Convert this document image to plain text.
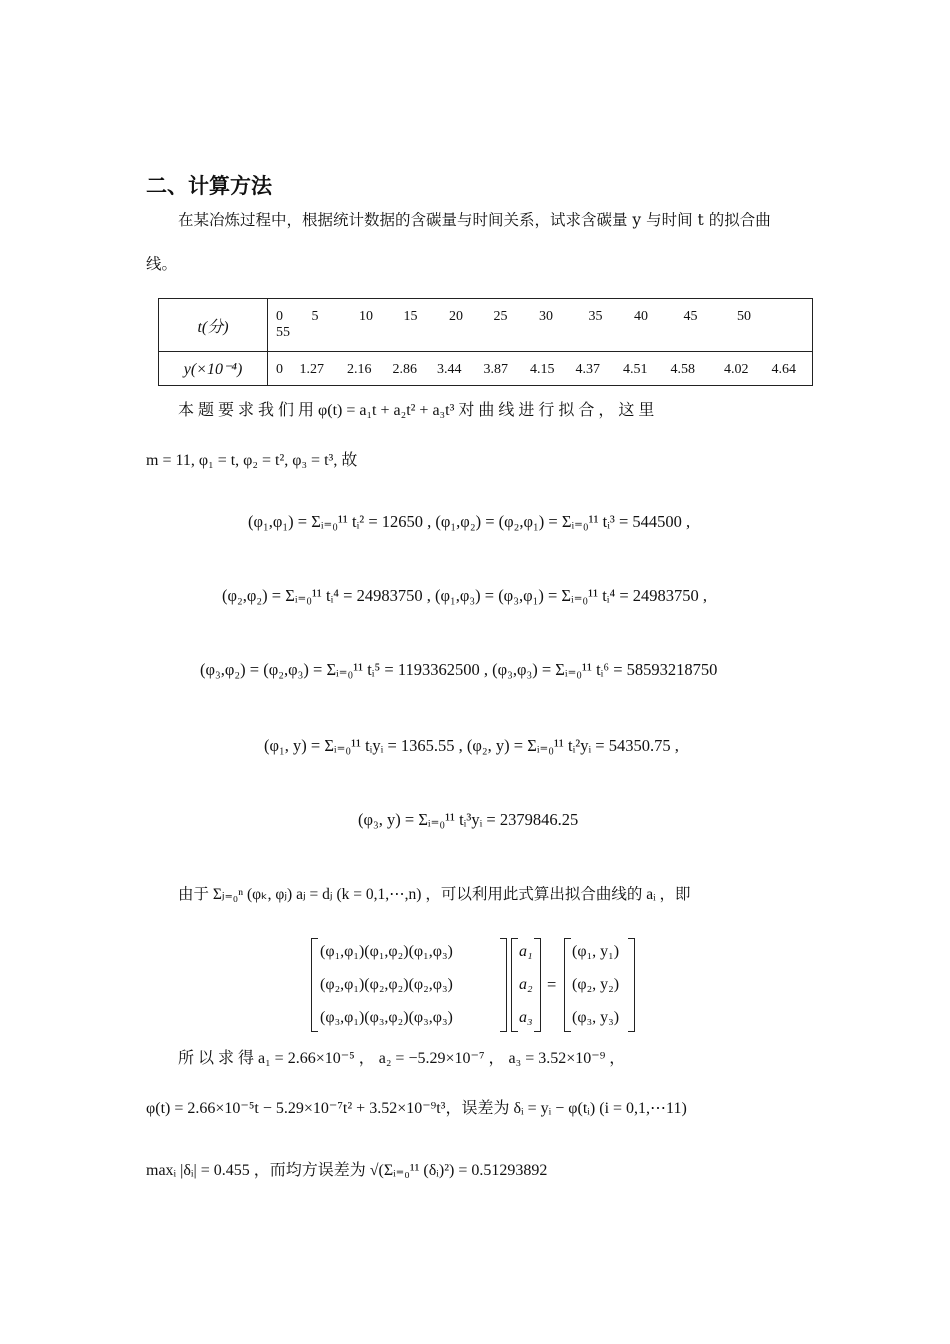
二、计算方法
在某冶炼过程中，根据统计数据的含碳量与时间关系，试求含碳量 y 与时间 t 的拟合曲
线。
t(分)	0 5 10 15 20 25 30 35 40 45 50 55
y(×10⁻⁴)	0 1.27 2.16 2.86 3.44 3.87 4.15 4.37 4.51 4.58 4.02 4.64
本 题 要 求 我 们 用 φ(t) = a₁t + a₂t² + a₃t³ 对 曲 线 进 行 拟 合 ， 这 里
m = 11, φ₁ = t, φ₂ = t², φ₃ = t³, 故
(φ₁,φ₁) = Σᵢ₌₀¹¹ tᵢ² = 12650 , (φ₁,φ₂) = (φ₂,φ₁) = Σᵢ₌₀¹¹ tᵢ³ = 544500 ,
(φ₂,φ₂) = Σᵢ₌₀¹¹ tᵢ⁴ = 24983750 , (φ₁,φ₃) = (φ₃,φ₁) = Σᵢ₌₀¹¹ tᵢ⁴ = 24983750 ,
(φ₃,φ₂) = (φ₂,φ₃) = Σᵢ₌₀¹¹ tᵢ⁵ = 1193362500 , (φ₃,φ₃) = Σᵢ₌₀¹¹ tᵢ⁶ = 58593218750
(φ₁, y) = Σᵢ₌₀¹¹ tᵢyᵢ = 1365.55 , (φ₂, y) = Σᵢ₌₀¹¹ tᵢ²yᵢ = 54350.75 ,
(φ₃, y) = Σᵢ₌₀¹¹ tᵢ³yᵢ = 2379846.25
由于 Σⱼ₌₀ⁿ (φₖ, φⱼ) aⱼ = dⱼ (k = 0,1,⋯,n) ，可以利用此式算出拟合曲线的 aᵢ ，即
(φ₁,φ₁)(φ₁,φ₂)(φ₁,φ₃)
(φ₂,φ₁)(φ₂,φ₂)(φ₂,φ₃)
(φ₃,φ₁)(φ₃,φ₂)(φ₃,φ₃)
a₁
a₂
a₃
=
(φ₁, y₁)
(φ₂, y₂)
(φ₃, y₃)
所 以 求 得 a₁ = 2.66×10⁻⁵ ， a₂ = −5.29×10⁻⁷ ， a₃ = 3.52×10⁻⁹ ，
φ(t) = 2.66×10⁻⁵t − 5.29×10⁻⁷t² + 3.52×10⁻⁹t³，误差为 δᵢ = yᵢ − φ(tᵢ) (i = 0,1,⋯11)
maxᵢ |δᵢ| = 0.455 ，而均方误差为 √(Σᵢ₌₀¹¹ (δᵢ)²) = 0.51293892
